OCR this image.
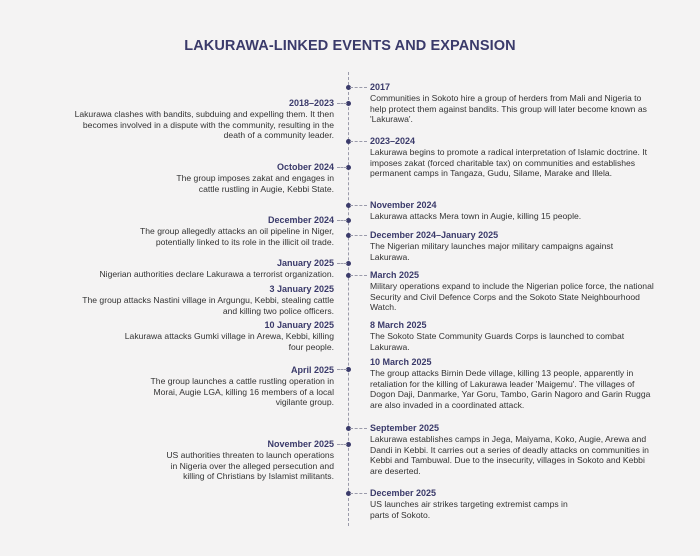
LAKURAWA-LINKED EVENTS AND EXPANSION
2017
Communities in Sokoto hire a group of herders from Mali and Nigeria to help protect them against bandits. This group will later become known as 'Lakurawa'.
2023–2024
Lakurawa begins to promote a radical interpretation of Islamic doctrine. It imposes zakat (forced charitable tax) on communities and establishes permanent camps in Tangaza, Gudu, Silame, Marake and Illela.
November 2024
Lakurawa attacks Mera town in Augie, killing 15 people.
December 2024–January 2025
The Nigerian military launches major military campaigns against Lakurawa.
March 2025
Military operations expand to include the Nigerian police force, the national Security and Civil Defence Corps and the Sokoto State Neighbourhood Watch.
8 March 2025
The Sokoto State Community Guards Corps is launched to combat Lakurawa.
10 March 2025
The group attacks Birnin Dede village, killing 13 people, apparently in retaliation for the killing of Lakurawa leader 'Maigemu'. The villages of Dogon Daji, Danmarke, Yar Goru, Tambo, Garin Nagoro and Garin Rugga are also invaded in a coordinated attack.
September 2025
Lakurawa establishes camps in Jega, Maiyama, Koko, Augie, Arewa and Dandi in Kebbi. It carries out a series of deadly attacks on communities in Kebbi and Tambuwal. Due to the insecurity, villages in Sokoto and Kebbi are deserted.
December 2025
US launches air strikes targeting extremist camps in parts of Sokoto.
2018–2023
Lakurawa clashes with bandits, subduing and expelling them. It then becomes involved in a dispute with the community, resulting in the death of a community leader.
October 2024
The group imposes zakat and engages in cattle rustling in Augie, Kebbi State.
December 2024
The group allegedly attacks an oil pipeline in Niger, potentially linked to its role in the illicit oil trade.
January 2025
Nigerian authorities declare Lakurawa a terrorist organization.
3 January 2025
The group attacks Nastini village in Argungu, Kebbi, stealing cattle and killing two police officers.
10 January 2025
Lakurawa attacks Gumki village in Arewa, Kebbi, killing four people.
April 2025
The group launches a cattle rustling operation in Morai, Augie LGA, killing 16 members of a local vigilante group.
November 2025
US authorities threaten to launch operations in Nigeria over the alleged persecution and killing of Christians by Islamist militants.
